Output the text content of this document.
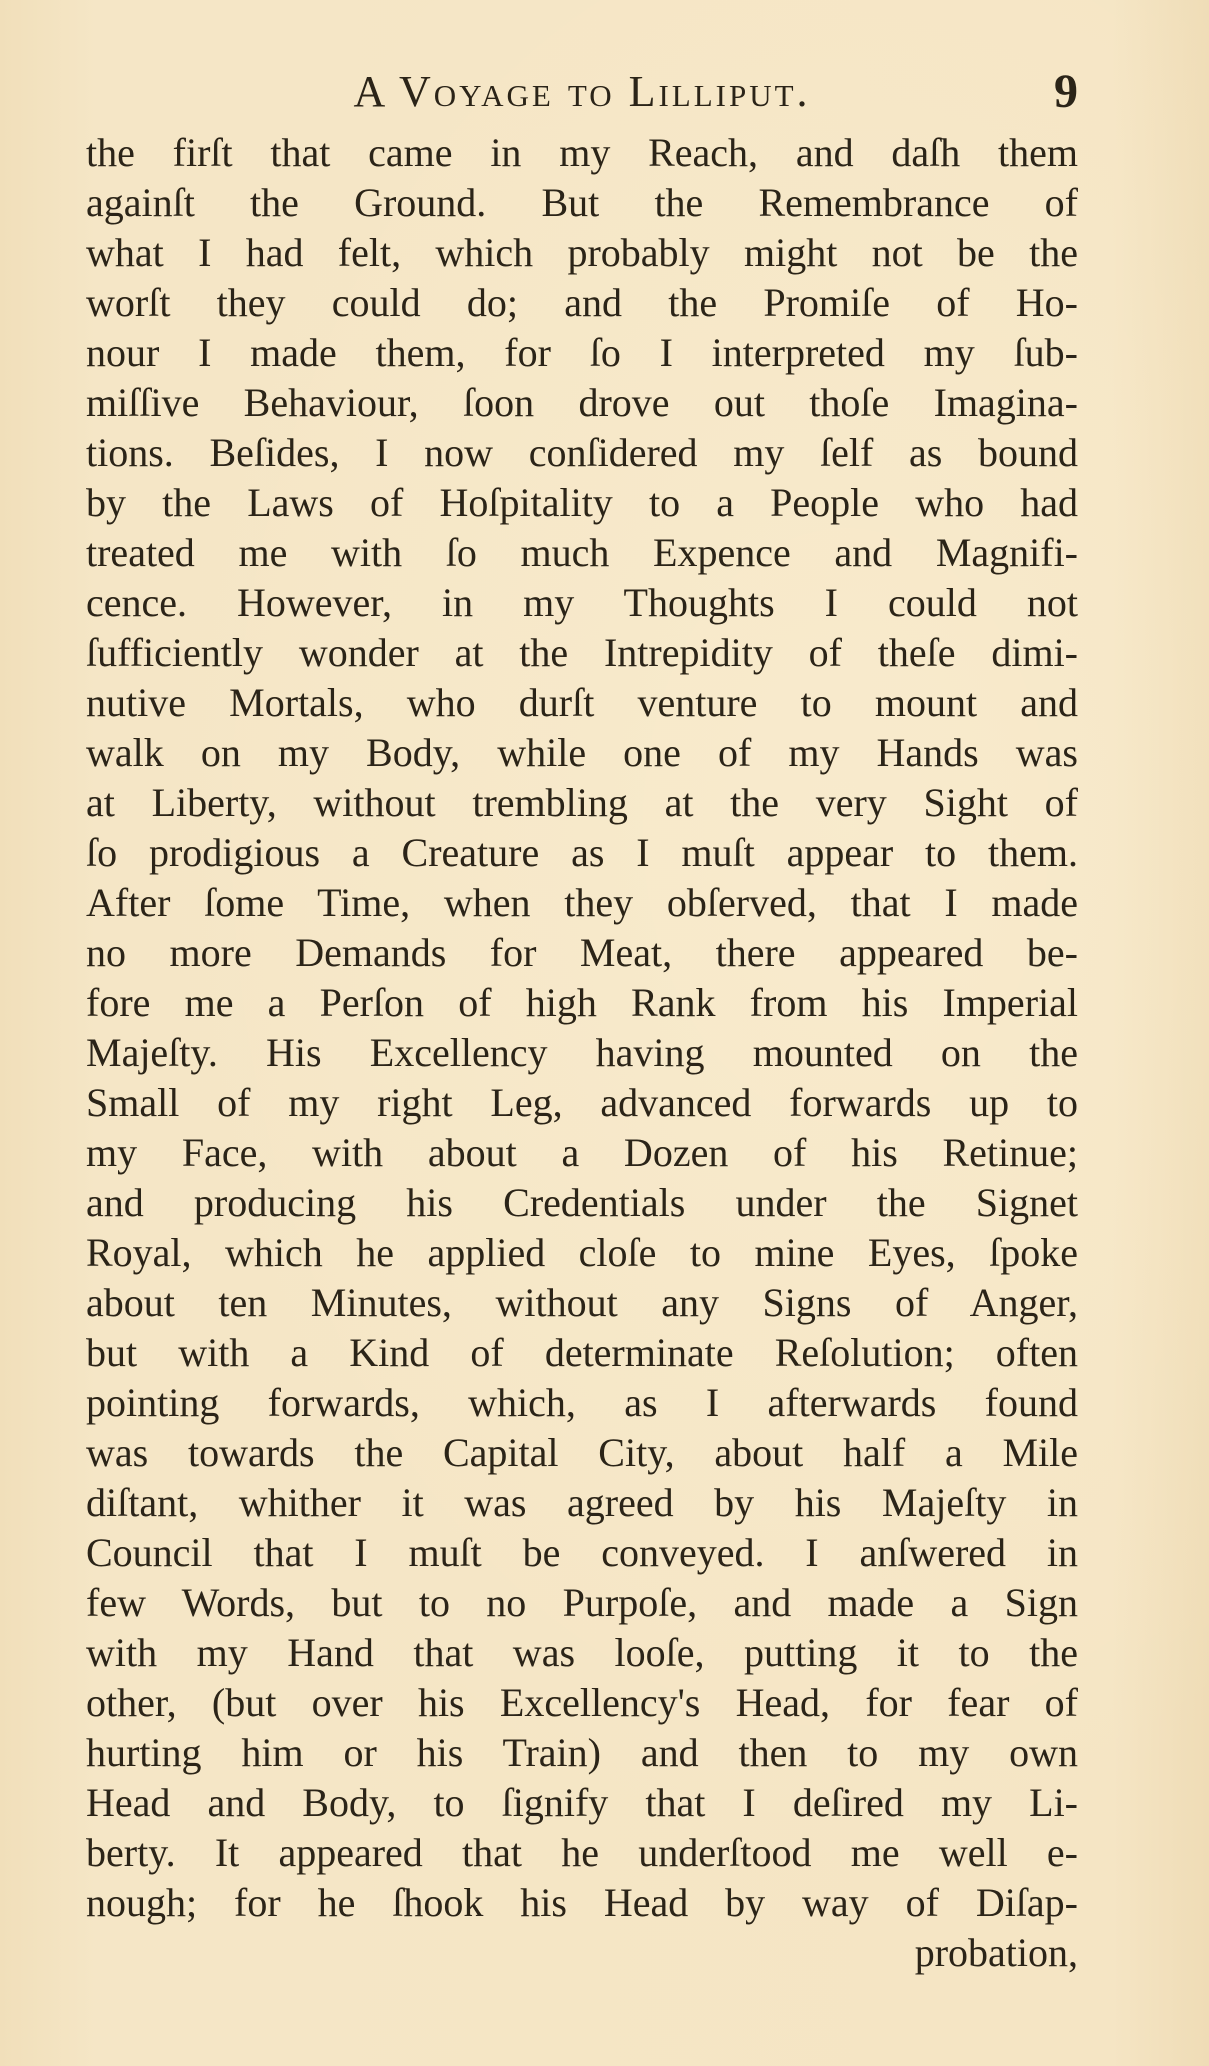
A Voyage to Lilliput.	9
the firſt that came in my Reach, and daſh them
againſt the Ground. But the Remembrance of
what I had felt, which probably might not be the
worſt they could do; and the Promiſe of Ho-
nour I made them, for ſo I interpreted my ſub-
miſſive Behaviour, ſoon drove out thoſe Imagina-
tions. Beſides, I now conſidered my ſelf as bound
by the Laws of Hoſpitality to a People who had
treated me with ſo much Expence and Magnifi-
cence. However, in my Thoughts I could not
ſufficiently wonder at the Intrepidity of theſe dimi-
nutive Mortals, who durſt venture to mount and
walk on my Body, while one of my Hands was
at Liberty, without trembling at the very Sight of
ſo prodigious a Creature as I muſt appear to them.
After ſome Time, when they obſerved, that I made
no more Demands for Meat, there appeared be-
fore me a Perſon of high Rank from his Imperial
Majeſty. His Excellency having mounted on the
Small of my right Leg, advanced forwards up to
my Face, with about a Dozen of his Retinue;
and producing his Credentials under the Signet
Royal, which he applied cloſe to mine Eyes, ſpoke
about ten Minutes, without any Signs of Anger,
but with a Kind of determinate Reſolution; often
pointing forwards, which, as I afterwards found
was towards the Capital City, about half a Mile
diſtant, whither it was agreed by his Majeſty in
Council that I muſt be conveyed. I anſwered in
few Words, but to no Purpoſe, and made a Sign
with my Hand that was looſe, putting it to the
other, (but over his Excellency's Head, for fear of
hurting him or his Train) and then to my own
Head and Body, to ſignify that I deſired my Li-
berty. It appeared that he underſtood me well e-
nough; for he ſhook his Head by way of Diſap-
probation,
